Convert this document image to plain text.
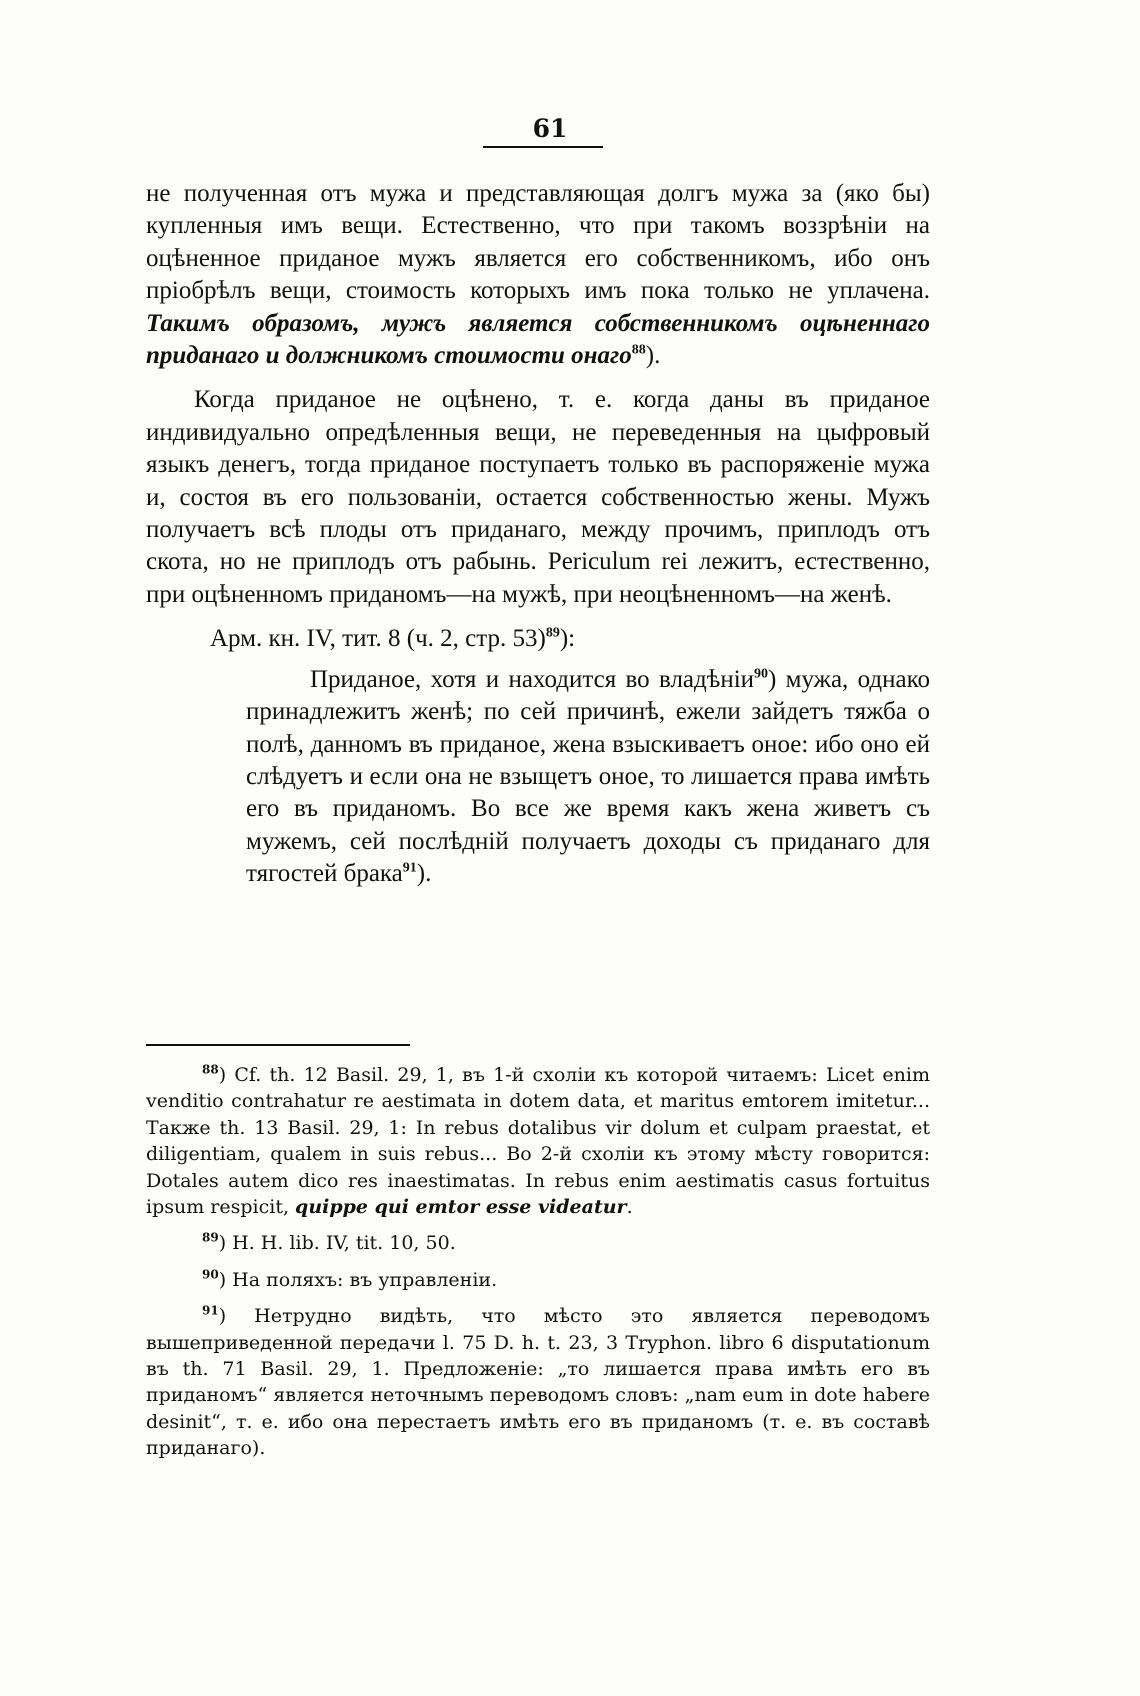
61

не полученная отъ мужа и представляющая долгъ мужа за (яко бы) купленныя имъ вещи. Естественно, что при такомъ воззрѣніи на оцѣненное приданое мужъ является его собственникомъ, ибо онъ пріобрѣлъ вещи, стоимость которыхъ имъ пока только не уплачена. Такимъ образомъ, мужъ является собственникомъ оцѣненнаго приданаго и должникомъ стоимости онаго$^{88}$).

Когда приданое не оцѣнено, т. е. когда даны въ приданое индивидуально опредѣленныя вещи, не переведенныя на цыфровый языкъ денегъ, тогда приданое поступаетъ только въ распоряженіе мужа и, состоя въ его пользованіи, остается собственностью жены. Мужъ получаетъ всѣ плоды отъ приданаго, между прочимъ, приплодъ отъ скота, но не приплодъ отъ рабынь. Periculum rei лежитъ, естественно, при оцѣненномъ приданомъ—на мужѣ, при неоцѣненномъ—на женѣ.

Арм. кн. IV, тит. 8 (ч. 2, стр. 53)$^{89}$):

Приданое, хотя и находится во владѣніи$^{90}$) мужа, однако принадлежитъ женѣ; по сей причинѣ, ежели зайдетъ тяжба о полѣ, данномъ въ приданое, жена взыскиваетъ оное: ибо оно ей слѣдуетъ и если она не взыщетъ оное, то лишается права имѣть его въ приданомъ. Во все же время какъ жена живетъ съ мужемъ, сей послѣдній получаетъ доходы съ приданаго для тягостей брака$^{91}$).

$^{88}$) Cf. th. 12 Basil. 29, 1, въ 1-й схоліи къ которой читаемъ: Licet enim venditio contrahatur re aestimata in dotem data, et maritus emtorem imitetur... Также th. 13 Basil. 29, 1: In rebus dotalibus vir dolum et culpam praestat, et diligentiam, qualem in suis rebus... Во 2-й схоліи къ этому мѣсту говорится: Dotales autem dico res inaestimatas. In rebus enim aestimatis casus fortuitus ipsum respicit, quippe qui emtor esse videatur.

$^{89}$) H. H. lib. IV, tit. 10, 50.

$^{90}$) На поляхъ: въ управленіи.

$^{91}$) Нетрудно видѣть, что мѣсто это является переводомъ вышеприведенной передачи l. 75 D. h. t. 23, 3 Tryphon. libro 6 disputationum въ th. 71 Basil. 29, 1. Предложеніе: „то лишается права имѣть его въ приданомъ“ является неточнымъ переводомъ словъ: „nam eum in dote habere desinit“, т. е. ибо она перестаетъ имѣть его въ приданомъ (т. е. въ составѣ приданаго).
